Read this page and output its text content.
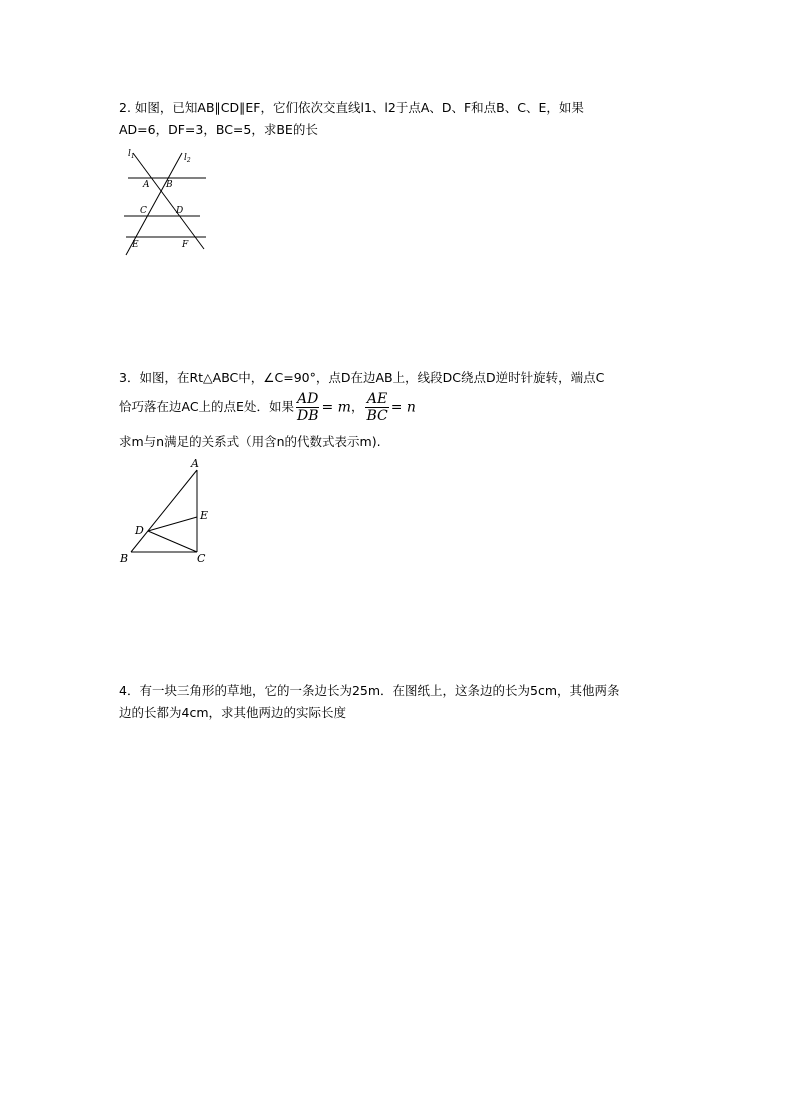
2. 如图，已知AB∥CD∥EF，它们依次交直线l1、l2于点A、D、F和点B、C、E，如果
AD=6，DF=3，BC=5，求BE的长
$l_1$	$l_2$
A B
C	D
E	F
3．如图，在Rt△ABC中，∠C=90°，点D在边AB上，线段DC绕点D逆时针旋转，端点C
恰巧落在边AC上的点E处．如果 $\frac{AD}{DB} = m$， $\frac{AE}{BC} = n$
求m与n满足的关系式（用含n的代数式表示m).
A
B	C
D
E
4．有一块三角形的草地，它的一条边长为25m．在图纸上，这条边的长为5cm，其他两条
边的长都为4cm，求其他两边的实际长度
